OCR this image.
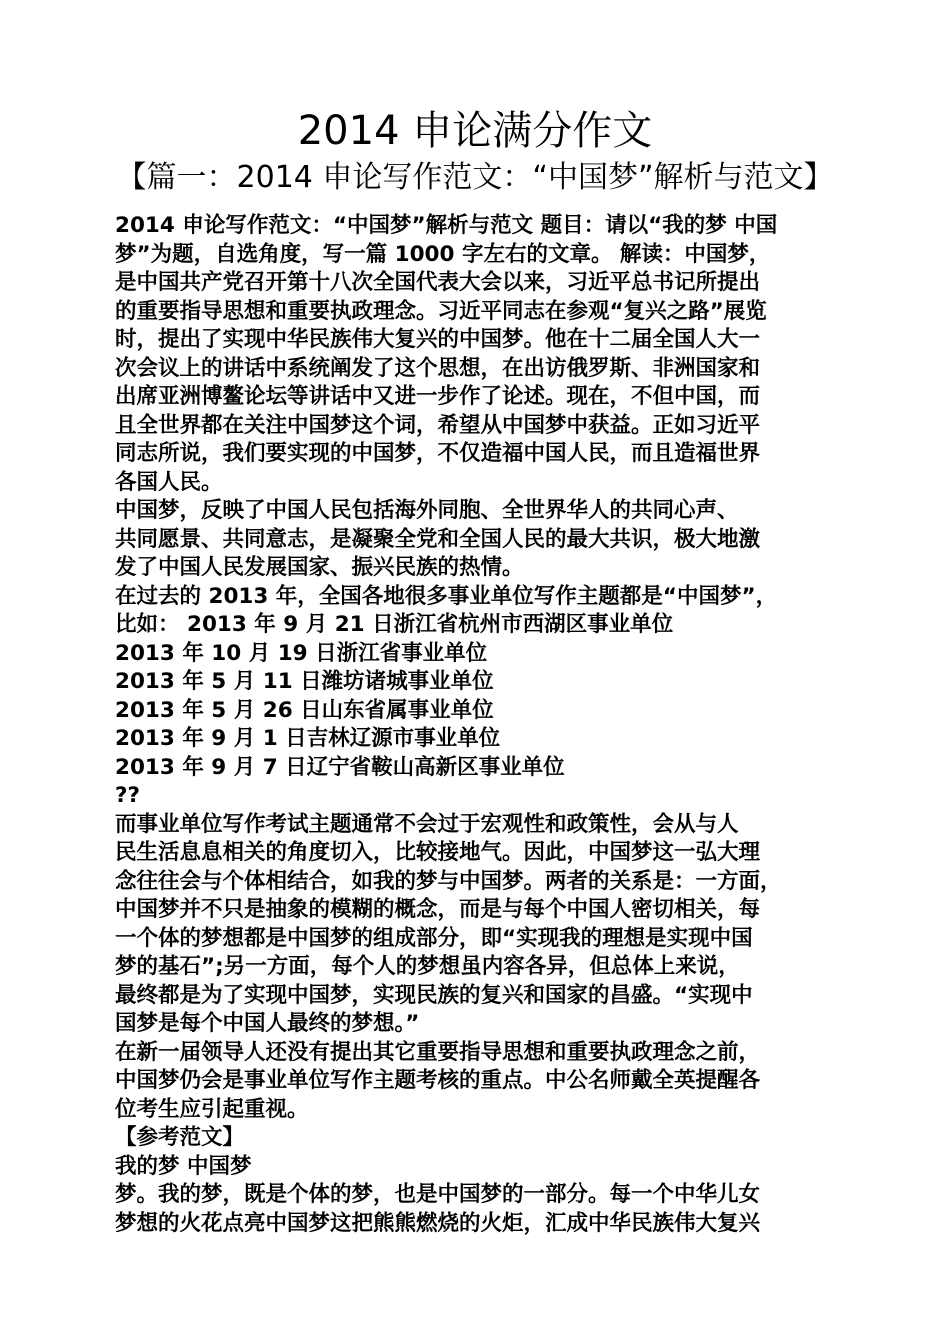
2014 申论满分作文
【篇一：2014 申论写作范文：“中国梦”解析与范文】
2014 申论写作范文：“中国梦”解析与范文 题目：请以“我的梦 中国
梦”为题，自选角度，写一篇 1000 字左右的文章。 解读：中国梦，
是中国共产党召开第十八次全国代表大会以来，习近平总书记所提出
的重要指导思想和重要执政理念。习近平同志在参观“复兴之路”展览
时，提出了实现中华民族伟大复兴的中国梦。他在十二届全国人大一
次会议上的讲话中系统阐发了这个思想，在出访俄罗斯、非洲国家和
出席亚洲博鳌论坛等讲话中又进一步作了论述。现在，不但中国，而
且全世界都在关注中国梦这个词，希望从中国梦中获益。正如习近平
同志所说，我们要实现的中国梦，不仅造福中国人民，而且造福世界
各国人民。
中国梦，反映了中国人民包括海外同胞、全世界华人的共同心声、
共同愿景、共同意志，是凝聚全党和全国人民的最大共识，极大地激
发了中国人民发展国家、振兴民族的热情。
在过去的 2013 年，全国各地很多事业单位写作主题都是“中国梦”，
比如： 2013 年 9 月 21 日浙江省杭州市西湖区事业单位
2013 年 10 月 19 日浙江省事业单位
2013 年 5 月 11 日潍坊诸城事业单位
2013 年 5 月 26 日山东省属事业单位
2013 年 9 月 1 日吉林辽源市事业单位
2013 年 9 月 7 日辽宁省鞍山高新区事业单位
??
而事业单位写作考试主题通常不会过于宏观性和政策性，会从与人
民生活息息相关的角度切入，比较接地气。因此，中国梦这一弘大理
念往往会与个体相结合，如我的梦与中国梦。两者的关系是：一方面，
中国梦并不只是抽象的模糊的概念，而是与每个中国人密切相关，每
一个体的梦想都是中国梦的组成部分，即“实现我的理想是实现中国
梦的基石”;另一方面，每个人的梦想虽内容各异，但总体上来说，
最终都是为了实现中国梦，实现民族的复兴和国家的昌盛。“实现中
国梦是每个中国人最终的梦想。”
在新一届领导人还没有提出其它重要指导思想和重要执政理念之前，
中国梦仍会是事业单位写作主题考核的重点。中公名师戴全英提醒各
位考生应引起重视。
【参考范文】
我的梦 中国梦
梦。我的梦，既是个体的梦，也是中国梦的一部分。每一个中华儿女
梦想的火花点亮中国梦这把熊熊燃烧的火炬，汇成中华民族伟大复兴
